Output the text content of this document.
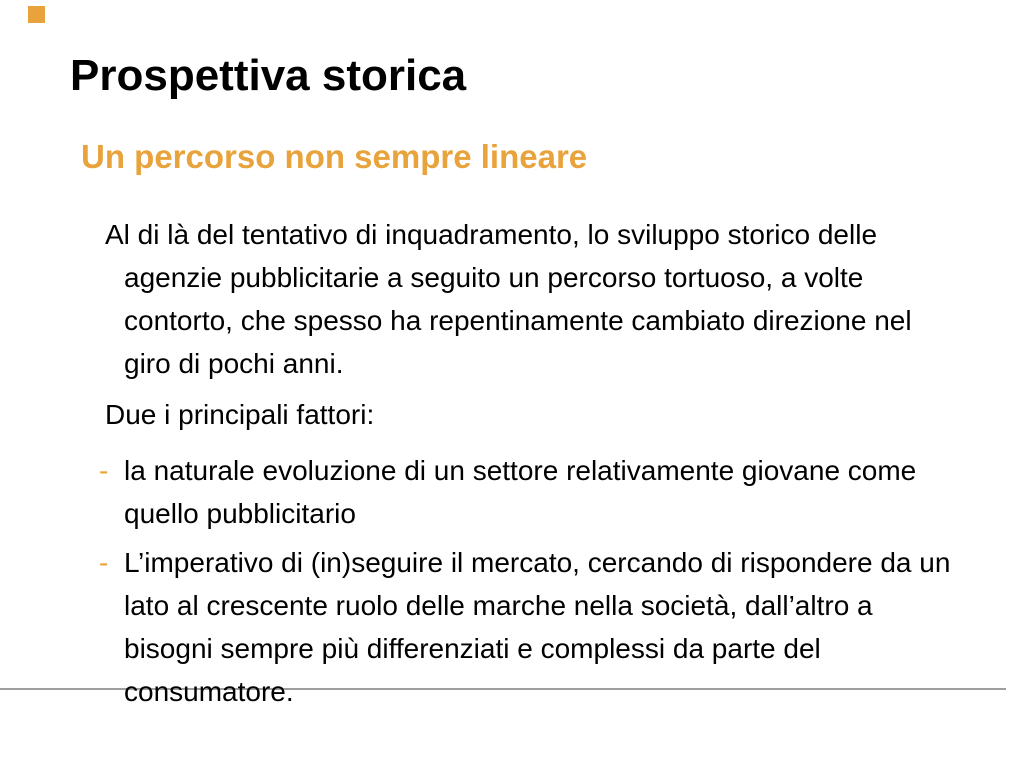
Prospettiva storica
Un percorso non sempre lineare
Al di là del tentativo di inquadramento, lo sviluppo storico delle
agenzie pubblicitarie a seguito un percorso tortuoso, a volte
contorto, che spesso ha repentinamente cambiato direzione nel
giro di pochi anni.
Due i principali fattori:
- la naturale evoluzione di un settore relativamente giovane come
quello pubblicitario
- L’imperativo di (in)seguire il mercato, cercando di rispondere da un
lato al crescente ruolo delle marche nella società, dall’altro a
bisogni sempre più differenziati e complessi da parte del
consumatore.
